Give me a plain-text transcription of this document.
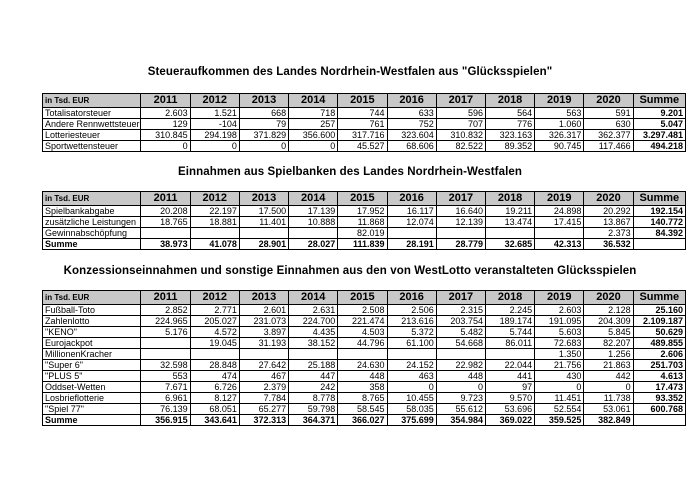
Steueraufkommen des Landes Nordrhein-Westfalen aus "Glücksspielen"
in Tsd. EUR	2011	2012	2013	2014	2015	2016	2017	2018	2019	2020	Summe
Totalisatorsteuer	2.603	1.521	668	718	744	633	596	564	563	591	9.201
Andere Rennwettsteuer	129	-104	79	257	761	752	707	776	1.060	630	5.047
Lotteriesteuer	310.845	294.198	371.829	356.600	317.716	323.604	310.832	323.163	326.317	362.377	3.297.481
Sportwettensteuer	0	0	0	0	45.527	68.606	82.522	89.352	90.745	117.466	494.218
Einnahmen aus Spielbanken des Landes Nordrhein-Westfalen
in Tsd. EUR	2011	2012	2013	2014	2015	2016	2017	2018	2019	2020	Summe
Spielbankabgabe	20.208	22.197	17.500	17.139	17.952	16.117	16.640	19.211	24.898	20.292	192.154
zusätzliche Leistungen	18.765	18.881	11.401	10.888	11.868	12.074	12.139	13.474	17.415	13.867	140.772
Gewinnabschöpfung					82.019					2.373	84.392
Summe	38.973	41.078	28.901	28.027	111.839	28.191	28.779	32.685	42.313	36.532	
Konzessionseinnahmen und sonstige Einnahmen aus den von WestLotto veranstalteten Glücksspielen
in Tsd. EUR	2011	2012	2013	2014	2015	2016	2017	2018	2019	2020	Summe
Fußball-Toto	2.852	2.771	2.601	2.631	2.508	2.506	2.315	2.245	2.603	2.128	25.160
Zahlenlotto	224.965	205.027	231.073	224.700	221.474	213.616	203.754	189.174	191.095	204.309	2.109.187
"KENO"	5.176	4.572	3.897	4.435	4.503	5.372	5.482	5.744	5.603	5.845	50.629
Eurojackpot		19.045	31.193	38.152	44.796	61.100	54.668	86.011	72.683	82.207	489.855
MillionenKracher									1.350	1.256	2.606
"Super 6"	32.598	28.848	27.642	25.188	24.630	24.152	22.982	22.044	21.756	21.863	251.703
"PLUS 5"	553	474	467	447	448	463	448	441	430	442	4.613
Oddset-Wetten	7.671	6.726	2.379	242	358	0	0	97	0	0	17.473
Losbrieflotterie	6.961	8.127	7.784	8.778	8.765	10.455	9.723	9.570	11.451	11.738	93.352
"Spiel 77"	76.139	68.051	65.277	59.798	58.545	58.035	55.612	53.696	52.554	53.061	600.768
Summe	356.915	343.641	372.313	364.371	366.027	375.699	354.984	369.022	359.525	382.849	
